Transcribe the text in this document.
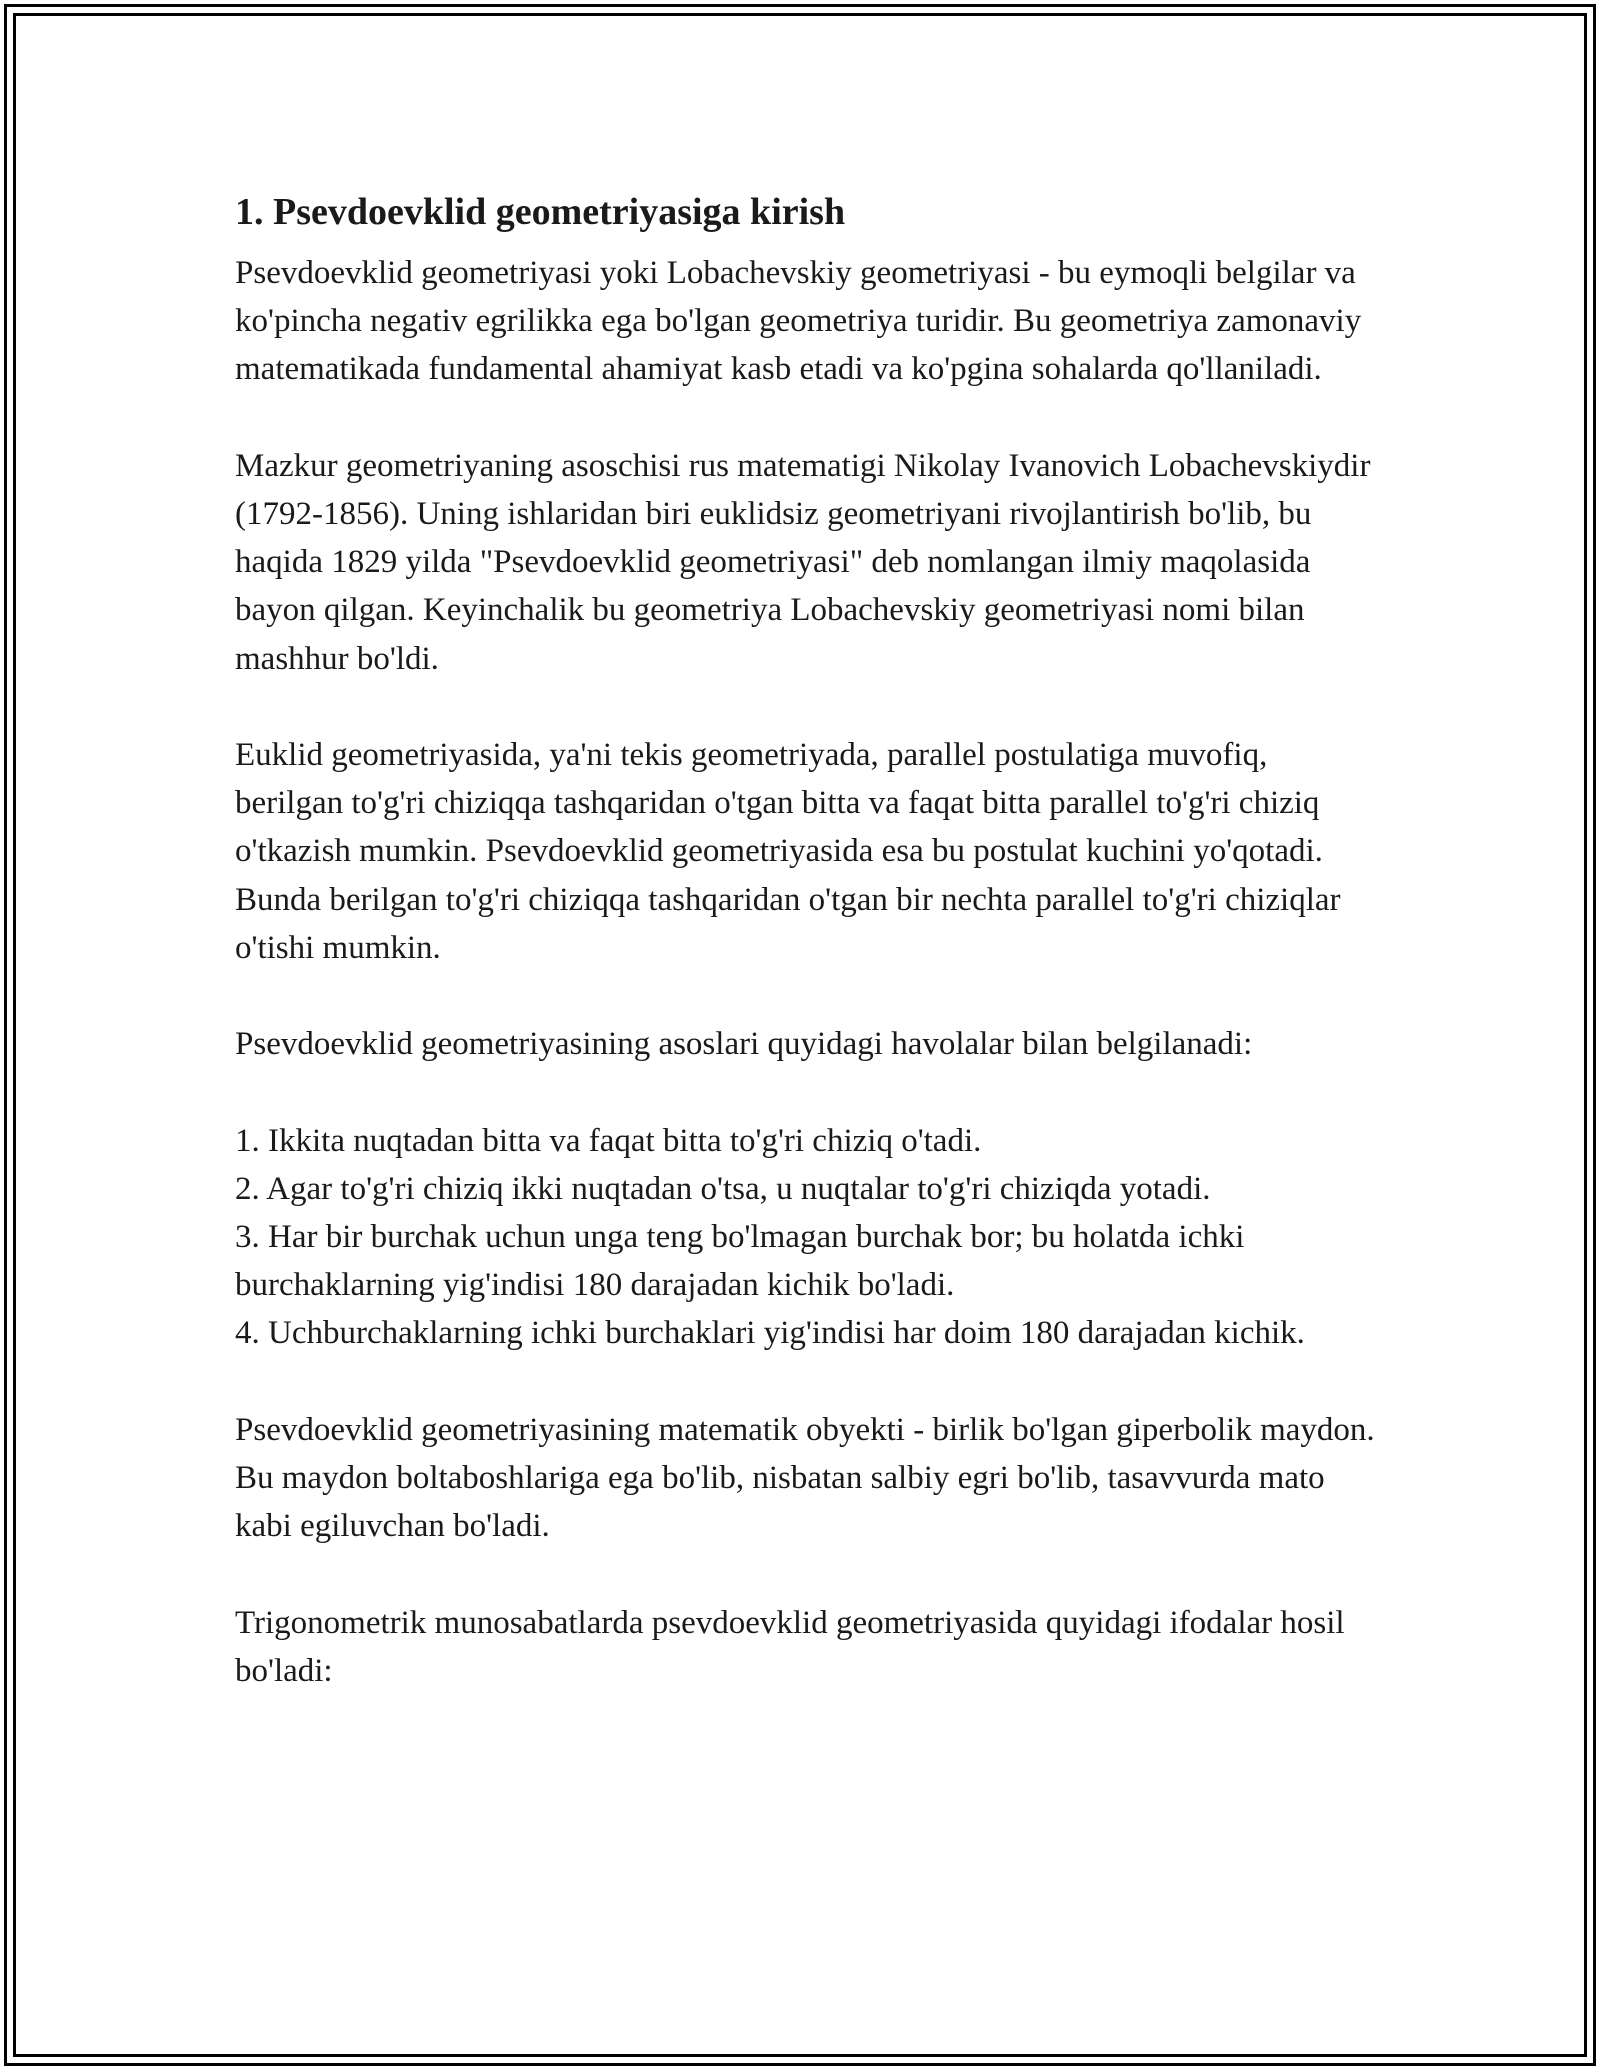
1. Psevdoevklid geometriyasiga kirish

Psevdoevklid geometriyasi yoki Lobachevskiy geometriyasi - bu eymoqli belgilar va ko'pincha negativ egrilikka ega bo'lgan geometriya turidir. Bu geometriya zamonaviy matematikada fundamental ahamiyat kasb etadi va ko'pgina sohalarda qo'llaniladi.

Mazkur geometriyaning asoschisi rus matematigi Nikolay Ivanovich Lobachevskiydir (1792-1856). Uning ishlaridan biri euklidsiz geometriyani rivojlantirish bo'lib, bu haqida 1829 yilda "Psevdoevklid geometriyasi" deb nomlangan ilmiy maqolasida bayon qilgan. Keyinchalik bu geometriya Lobachevskiy geometriyasi nomi bilan mashhur bo'ldi.

Euklid geometriyasida, ya'ni tekis geometriyada, parallel postulatiga muvofiq, berilgan to'g'ri chiziqqa tashqaridan o'tgan bitta va faqat bitta parallel to'g'ri chiziq o'tkazish mumkin. Psevdoevklid geometriyasida esa bu postulat kuchini yo'qotadi. Bunda berilgan to'g'ri chiziqqa tashqaridan o'tgan bir nechta parallel to'g'ri chiziqlar o'tishi mumkin.

Psevdoevklid geometriyasining asoslari quyidagi havolalar bilan belgilanadi:

1. Ikkita nuqtadan bitta va faqat bitta to'g'ri chiziq o'tadi.
2. Agar to'g'ri chiziq ikki nuqtadan o'tsa, u nuqtalar to'g'ri chiziqda yotadi.
3. Har bir burchak uchun unga teng bo'lmagan burchak bor; bu holatda ichki burchaklarning yig'indisi 180 darajadan kichik bo'ladi.
4. Uchburchaklarning ichki burchaklari yig'indisi har doim 180 darajadan kichik.

Psevdoevklid geometriyasining matematik obyekti - birlik bo'lgan giperbolik maydon. Bu maydon boltaboshlariga ega bo'lib, nisbatan salbiy egri bo'lib, tasavvurda mato kabi egiluvchan bo'ladi.

Trigonometrik munosabatlarda psevdoevklid geometriyasida quyidagi ifodalar hosil bo'ladi:
